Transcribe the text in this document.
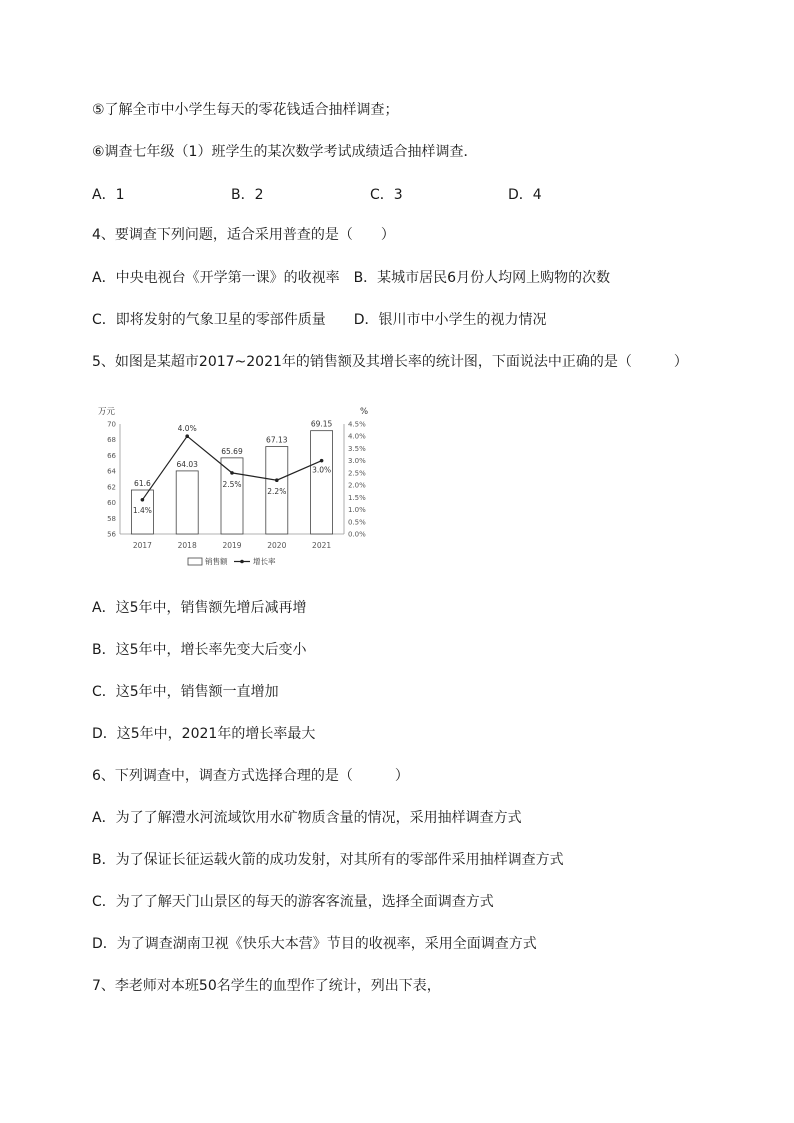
⑤了解全市中小学生每天的零花钱适合抽样调查；
⑥调查七年级（1）班学生的某次数学考试成绩适合抽样调查．
A．1	B．2	C．3	D．4
4、要调查下列问题，适合采用普查的是（　　）
A．中央电视台《开学第一课》的收视率　B．某城市居民6月份人均网上购物的次数
C．即将发射的气象卫星的零部件质量　　D．银川市中小学生的视力情况
5、如图是某超市2017~2021年的销售额及其增长率的统计图，下面说法中正确的是（　　　）
万元	%
56
58
60
62
64
66
68
70
0.0%
0.5%
1.0%
1.5%
2.0%
2.5%
3.0%
3.5%
4.0%
4.5%
61.6
64.03
65.69
67.13
69.15
2017	2018	2019	2020	2021
1.4%
4.0%
2.5%
2.2%
3.0%
销售额	增长率
A．这5年中，销售额先增后减再增
B．这5年中，增长率先变大后变小
C．这5年中，销售额一直增加
D．这5年中，2021年的增长率最大
6、下列调查中，调查方式选择合理的是（　　　）
A．为了了解澧水河流域饮用水矿物质含量的情况，采用抽样调查方式
B．为了保证长征运载火箭的成功发射，对其所有的零部件采用抽样调查方式
C．为了了解天门山景区的每天的游客客流量，选择全面调查方式
D．为了调查湖南卫视《快乐大本营》节目的收视率，采用全面调查方式
7、李老师对本班50名学生的血型作了统计，列出下表，
